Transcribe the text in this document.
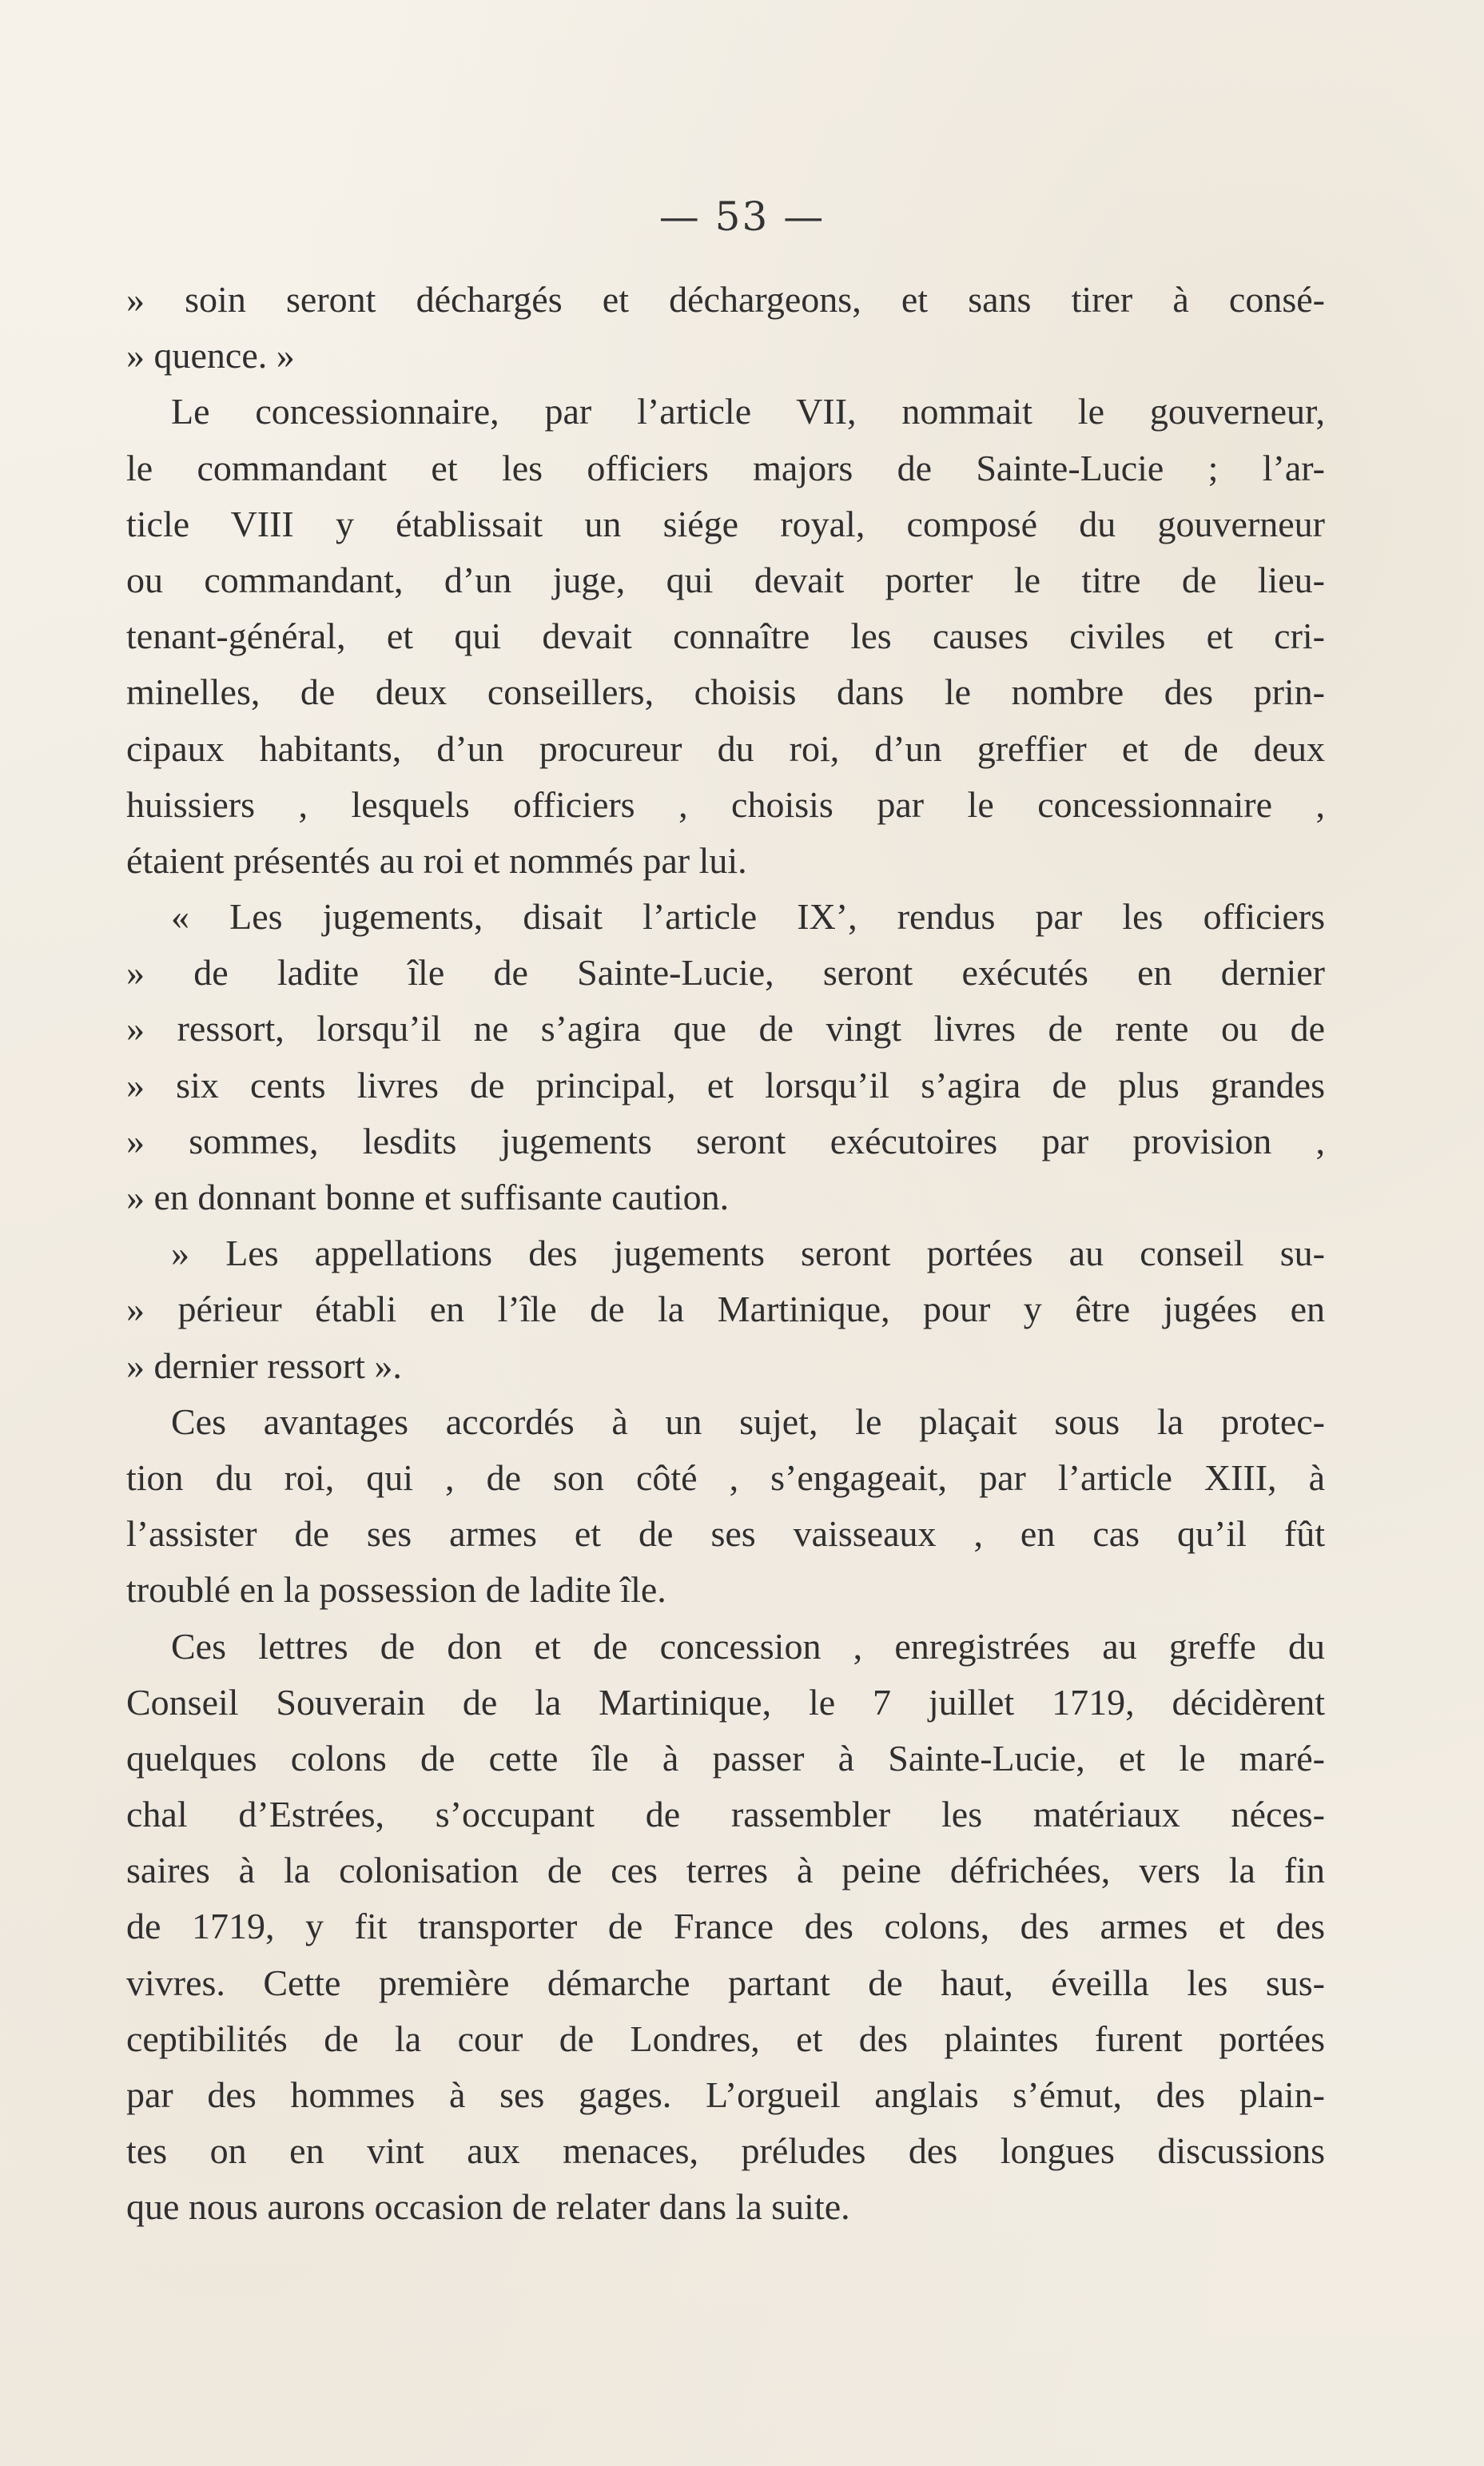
— 53 —
» soin seront déchargés et déchargeons, et sans tirer à consé-
» quence. »
Le concessionnaire, par l’article VII, nommait le gouverneur,
le commandant et les officiers majors de Sainte-Lucie ; l’ar-
ticle VIII y établissait un siége royal, composé du gouverneur
ou commandant, d’un juge, qui devait porter le titre de lieu-
tenant-général, et qui devait connaître les causes civiles et cri-
minelles, de deux conseillers, choisis dans le nombre des prin-
cipaux habitants, d’un procureur du roi, d’un greffier et de deux
huissiers , lesquels officiers , choisis par le concessionnaire ,
étaient présentés au roi et nommés par lui.
« Les jugements, disait l’article IX’, rendus par les officiers
» de ladite île de Sainte-Lucie, seront exécutés en dernier
» ressort, lorsqu’il ne s’agira que de vingt livres de rente ou de
» six cents livres de principal, et lorsqu’il s’agira de plus grandes
» sommes, lesdits jugements seront exécutoires par provision ,
» en donnant bonne et suffisante caution.
» Les appellations des jugements seront portées au conseil su-
» périeur établi en l’île de la Martinique, pour y être jugées en
» dernier ressort ».
Ces avantages accordés à un sujet, le plaçait sous la protec-
tion du roi, qui , de son côté , s’engageait, par l’article XIII, à
l’assister de ses armes et de ses vaisseaux , en cas qu’il fût
troublé en la possession de ladite île.
Ces lettres de don et de concession , enregistrées au greffe du
Conseil Souverain de la Martinique, le 7 juillet 1719, décidèrent
quelques colons de cette île à passer à Sainte-Lucie, et le maré-
chal d’Estrées, s’occupant de rassembler les matériaux néces-
saires à la colonisation de ces terres à peine défrichées, vers la fin
de 1719, y fit transporter de France des colons, des armes et des
vivres. Cette première démarche partant de haut, éveilla les sus-
ceptibilités de la cour de Londres, et des plaintes furent portées
par des hommes à ses gages. L’orgueil anglais s’émut, des plain-
tes on en vint aux menaces, préludes des longues discussions
que nous aurons occasion de relater dans la suite.
